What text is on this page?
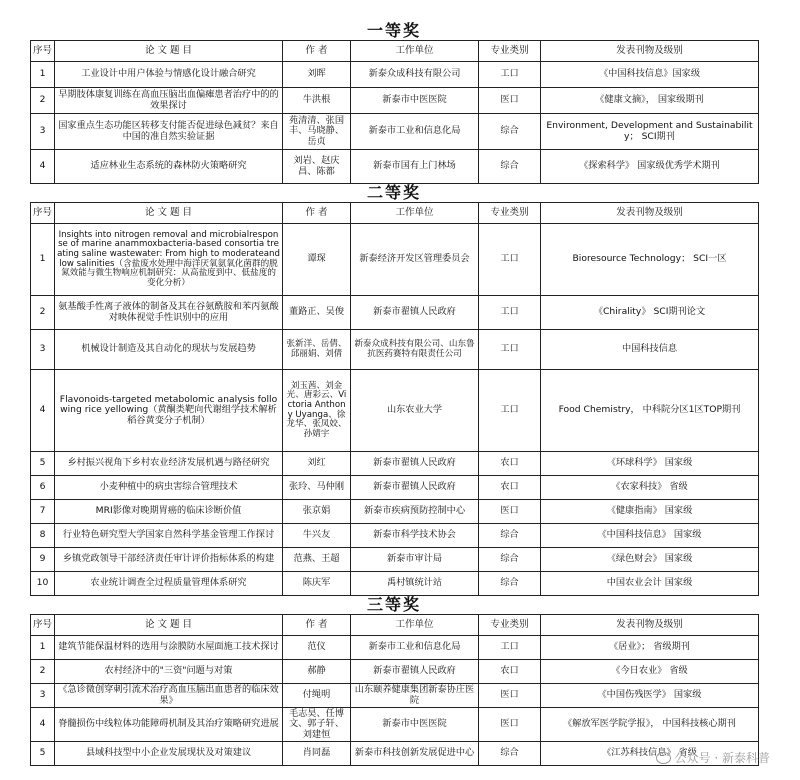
一等奖
序号	论 文 题 目	作 者	工作单位	专业类别	发表刊物及级别
1	工业设计中用户体验与情感化设计融合研究	刘晖	新泰众成科技有限公司	工口	《中国科技信息》国家级
2	早期肢体康复训练在高血压脑出血偏瘫患者治疗中的的效果探讨	牛洪根	新泰市中医医院	医口	《健康文摘》， 国家级期刊
3	国家重点生态功能区转移支付能否促进绿色减贫？来自中国的准自然实验证据	苑清清、张国丰、马晓静、岳贞	新泰市工业和信息化局	综合	Environment, Development and Sustainability； SCI期刊
4	适应林业生态系统的森林防火策略研究	刘岩、赵庆昌、陈都	新泰市国有上门林场	综合	《探索科学》 国家级优秀学术期刊
二等奖
序号	论 文 题 目	作 者	工作单位	专业类别	发表刊物及级别
1	Insights into nitrogen removal and microbialresponse of marine anammoxbacteria-based consortia treating saline wastewater: From high to moderateand low salinities（含盐废水处理中海洋厌氧氨氧化菌群的脱氮效能与微生物响应机制研究：从高盐度到中、低盐度的变化分析）	谭琛	新泰经济开发区管理委员会	工口	Bioresource Technology； SCI一区
2	氨基酸手性离子液体的制备及其在谷氨酰胺和苯丙氨酸对映体视觉手性识别中的应用	董路正、吴俊	新泰市翟镇人民政府	工口	《Chirality》 SCI期刊论文
3	机械设计制造及其自动化的现状与发展趋势	张新洋、岳倩、邱丽娟、刘倩	新泰众成科技有限公司、山东鲁抗医药赛特有限责任公司	工口	中国科技信息
4	Flavonoids-targeted metabolomic analysis following rice yellowing（黄酮类靶向代谢组学技术解析稻谷黄变分子机制）	刘玉茜、刘金光、唐彩云、Victoria Anthony Uyanga、徐龙华、张凤姣、孙婧宇	山东农业大学	工口	Food Chemistry， 中科院分区1区TOP期刊
5	乡村振兴视角下乡村农业经济发展机遇与路径研究	刘红	新泰市翟镇人民政府	农口	《环球科学》 国家级
6	小麦种植中的病虫害综合管理技术	张玲、马仲刚	新泰市翟镇人民政府	农口	《农家科技》 省级
7	MRI影像对晚期胃癌的临床诊断价值	张京娟	新泰市疾病预防控制中心	医口	《健康指南》 国家级
8	行业特色研究型大学国家自然科学基金管理工作探讨	牛兴友	新泰市科学技术协会	综合	《中国科技信息》 国家级
9	乡镇党政领导干部经济责任审计评价指标体系的构建	范燕、王超	新泰市审计局	综合	《绿色财会》 国家级
10	农业统计调查全过程质量管理体系研究	陈庆军	禹村镇统计站	综合	中国农业会计 国家级
三等奖
序号	论 文 题 目	作 者	工作单位	专业类别	发表刊物及级别
1	建筑节能保温材料的选用与涂膜防水屋面施工技术探讨	范仪	新泰市工业和信息化局	工口	《居业》； 省级期刊
2	农村经济中的"三资"问题与对策	郝静	新泰市翟镇人民政府	农口	《今日农业》 省级
3	《急诊微创穿刺引流术治疗高血压脑出血患者的临床效果》	付绳明	山东颐养健康集团新泰协庄医院	医口	《中国伤残医学》 国家级
4	脊髓损伤中线粒体功能障碍机制及其治疗策略研究进展	毛志昊、任博文、郭子轩、刘建恒	新泰市中医医院	医口	《解放军医学院学报》， 中国科技核心期刊
5	县域科技型中小企业发展现状及对策建议	肖同磊	新泰市科技创新发展促进中心	综合	《江苏科技信息》 省级
公众号 · 新泰科普
